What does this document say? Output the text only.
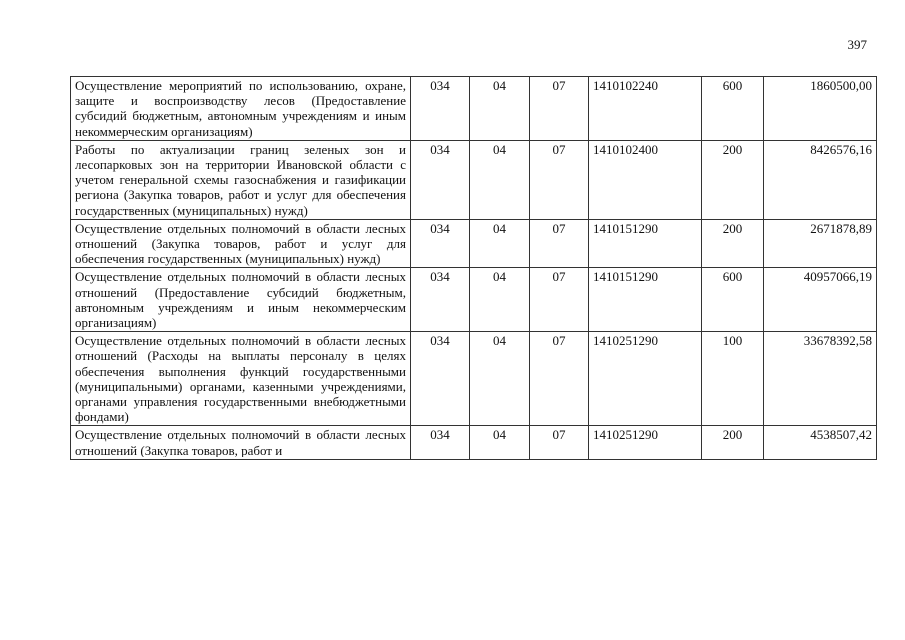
397
Осуществление мероприятий по использованию, охране, защите и воспроизводству лесов (Предоставление субсидий бюджетным, автономным учреждениям и иным некоммерческим организациям)	034	04	07	1410102240	600	1860500,00
Работы по актуализации границ зеленых зон и лесопарковых зон на территории Ивановской области с учетом генеральной схемы газоснабжения и газификации региона (Закупка товаров, работ и услуг для обеспечения государственных (муниципальных) нужд)	034	04	07	1410102400	200	8426576,16
Осуществление отдельных полномочий в области лесных отношений (Закупка товаров, работ и услуг для обеспечения государственных (муниципальных) нужд)	034	04	07	1410151290	200	2671878,89
Осуществление отдельных полномочий в области лесных отношений (Предоставление субсидий бюджетным, автономным учреждениям и иным некоммерческим организациям)	034	04	07	1410151290	600	40957066,19
Осуществление отдельных полномочий в области лесных отношений (Расходы на выплаты персоналу в целях обеспечения выполнения функций государственными (муниципальными) органами, казенными учреждениями, органами управления государственными внебюджетными фондами)	034	04	07	1410251290	100	33678392,58

Осуществление отдельных полномочий в области лесных отношений (Закупка товаров, работ и	034	04	07	1410251290	200	4538507,42
